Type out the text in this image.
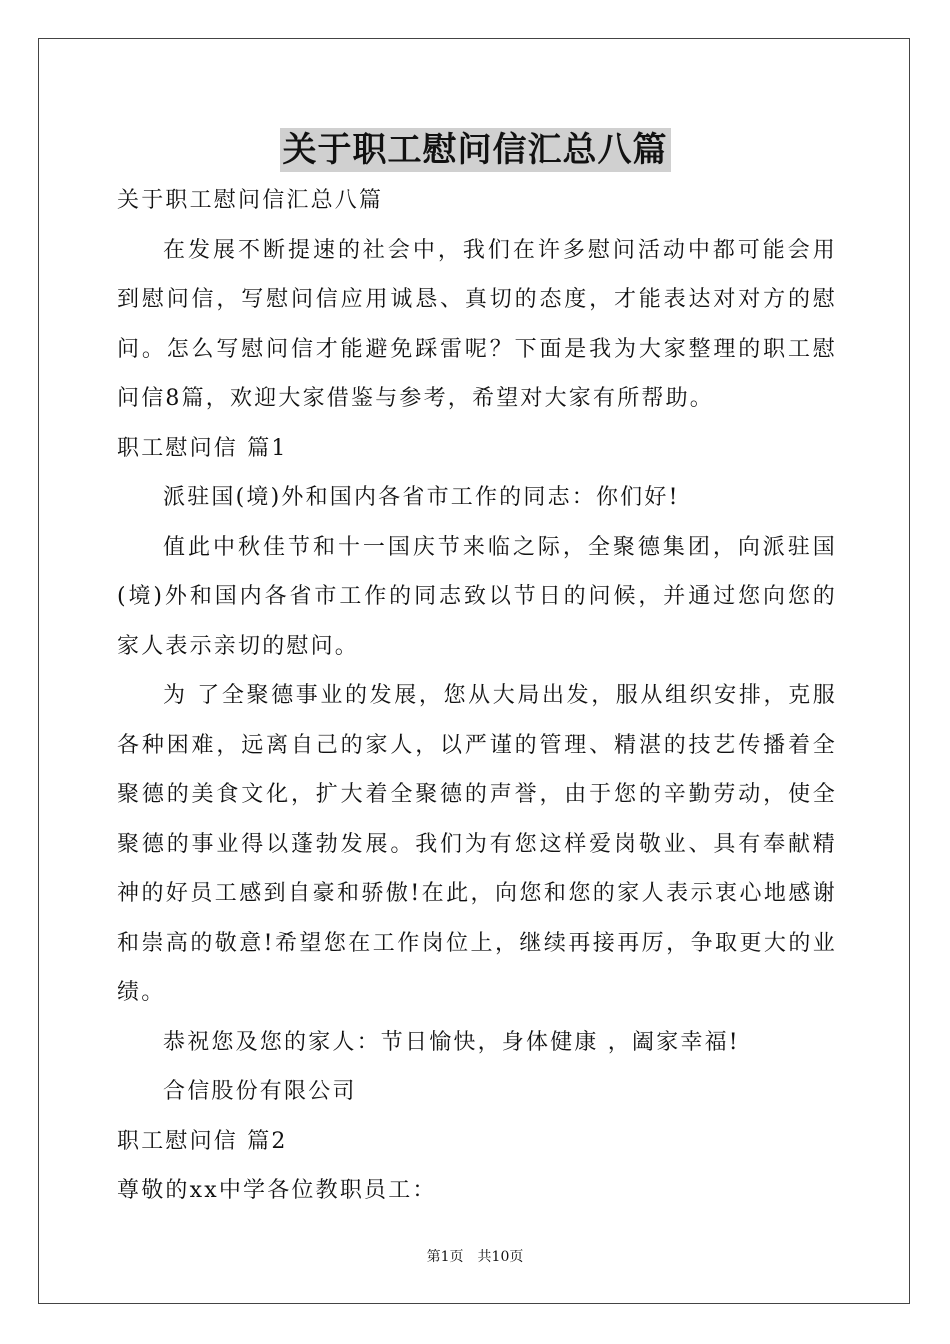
关于职工慰问信汇总八篇

关于职工慰问信汇总八篇

在发展不断提速的社会中，我们在许多慰问活动中都可能会用到慰问信，写慰问信应用诚恳、真切的态度，才能表达对对方的慰问。怎么写慰问信才能避免踩雷呢？下面是我为大家整理的职工慰问信8篇，欢迎大家借鉴与参考，希望对大家有所帮助。

职工慰问信 篇1

派驻国(境)外和国内各省市工作的同志：你们好!

值此中秋佳节和十一国庆节来临之际，全聚德集团，向派驻国(境)外和国内各省市工作的同志致以节日的问候，并通过您向您的家人表示亲切的慰问。

为 了全聚德事业的发展，您从大局出发，服从组织安排，克服各种困难，远离自己的家人，以严谨的管理、精湛的技艺传播着全聚德的美食文化，扩大着全聚德的声誉，由于您的辛勤劳动，使全聚德的事业得以蓬勃发展。我们为有您这样爱岗敬业、具有奉献精神的好员工感到自豪和骄傲!在此，向您和您的家人表示衷心地感谢 和崇高的敬意!希望您在工作岗位上，继续再接再厉，争取更大的业绩。

恭祝您及您的家人：节日愉快，身体健康 ，阖家幸福!

合信股份有限公司

职工慰问信 篇2

尊敬的xx中学各位教职员工：

第1页　共10页
